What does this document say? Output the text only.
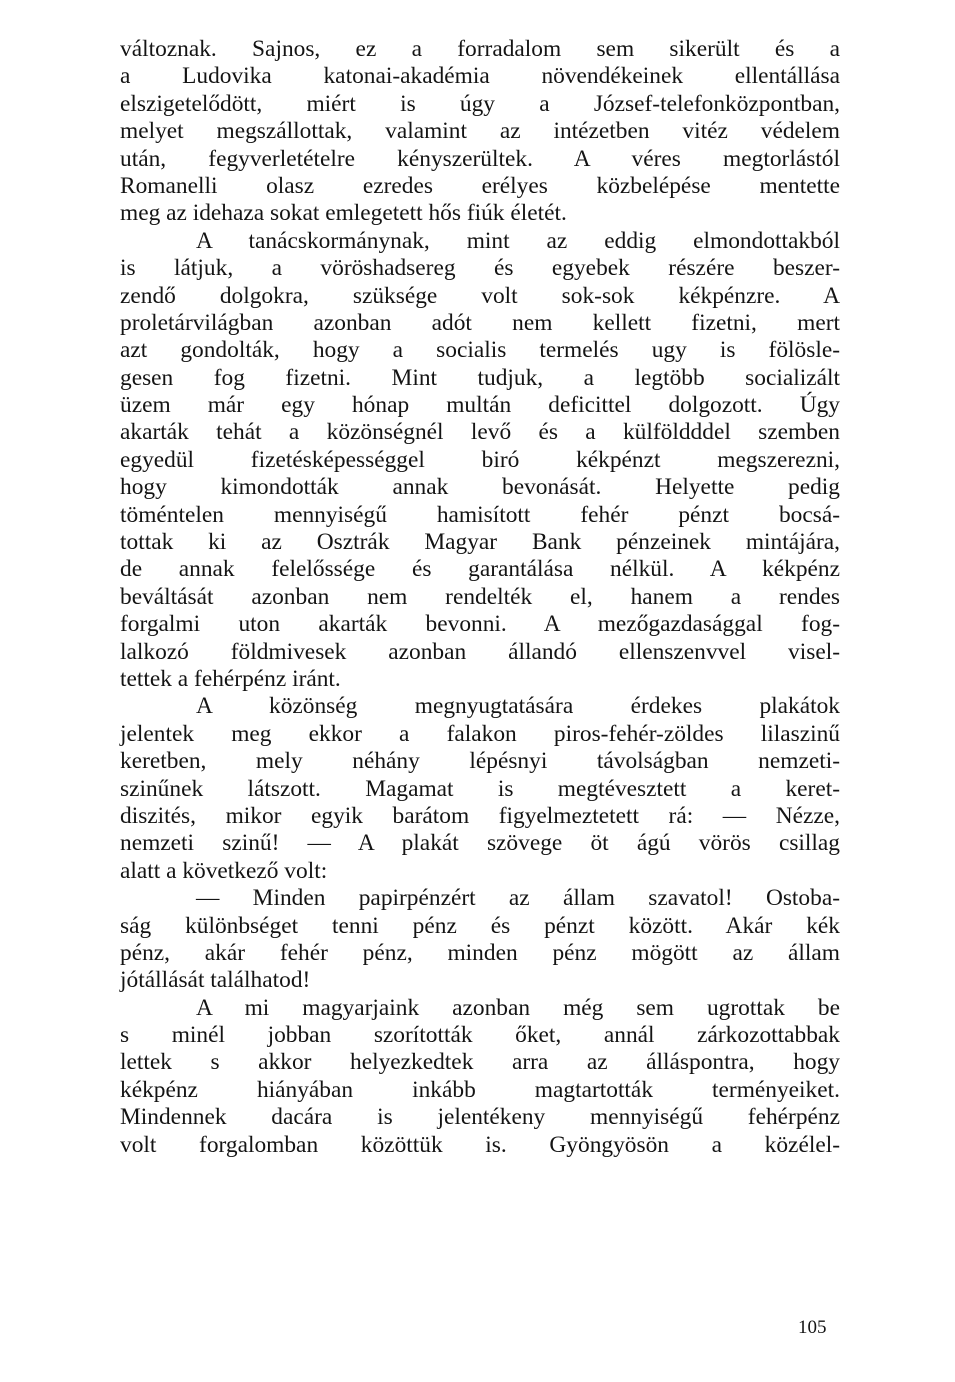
változnak. Sajnos, ez a forradalom sem sikerült és a
a Ludovika katonai-akadémia növendékeinek ellentállása
elszigetelődött, miért is úgy a József-telefonközpontban,
melyet megszállottak, valamint az intézetben vitéz védelem
után, fegyverletételre kényszerültek. A véres megtorlástól
Romanelli olasz ezredes erélyes közbelépése mentette
meg az idehaza sokat emlegetett hős fiúk életét.
A tanácskormánynak, mint az eddig elmondottakból
is látjuk, a vöröshadsereg és egyebek részére beszer-
zendő dolgokra, szüksége volt sok-sok kékpénzre. A
proletárvilágban azonban adót nem kellett fizetni, mert
azt gondolták, hogy a socialis termelés ugy is fölösle-
gesen fog fizetni. Mint tudjuk, a legtöbb socializált
üzem már egy hónap multán deficittel dolgozott. Úgy
akarták tehát a közönségnél levő és a külföldddel szemben
egyedül fizetésképességgel biró kékpénzt megszerezni,
hogy kimondották annak bevonását. Helyette pedig
töméntelen mennyiségű hamisított fehér pénzt bocsá-
tottak ki az Osztrák Magyar Bank pénzeinek mintájára,
de annak felelőssége és garantálása nélkül. A kékpénz
beváltását azonban nem rendelték el, hanem a rendes
forgalmi uton akarták bevonni. A mezőgazdasággal fog-
lalkozó földmivesek azonban állandó ellenszenvvel visel-
tettek a fehérpénz iránt.
A közönség megnyugtatására érdekes plakátok
jelentek meg ekkor a falakon piros-fehér-zöldes lilaszinű
keretben, mely néhány lépésnyi távolságban nemzeti-
szinűnek látszott. Magamat is megtévesztett a keret-
diszités, mikor egyik barátom figyelmeztetett rá: — Nézze,
nemzeti szinű! — A plakát szövege öt ágú vörös csillag
alatt a következő volt:
— Minden papirpénzért az állam szavatol! Ostoba-
ság különbséget tenni pénz és pénzt között. Akár kék
pénz, akár fehér pénz, minden pénz mögött az állam
jótállását találhatod!
A mi magyarjaink azonban még sem ugrottak be
s minél jobban szorították őket, annál zárkozottabbak
lettek s akkor helyezkedtek arra az álláspontra, hogy
kékpénz hiányában inkább magtartották terményeiket.
Mindennek dacára is jelentékeny mennyiségű fehérpénz
volt forgalomban közöttük is. Gyöngyösön a közélel-
105
